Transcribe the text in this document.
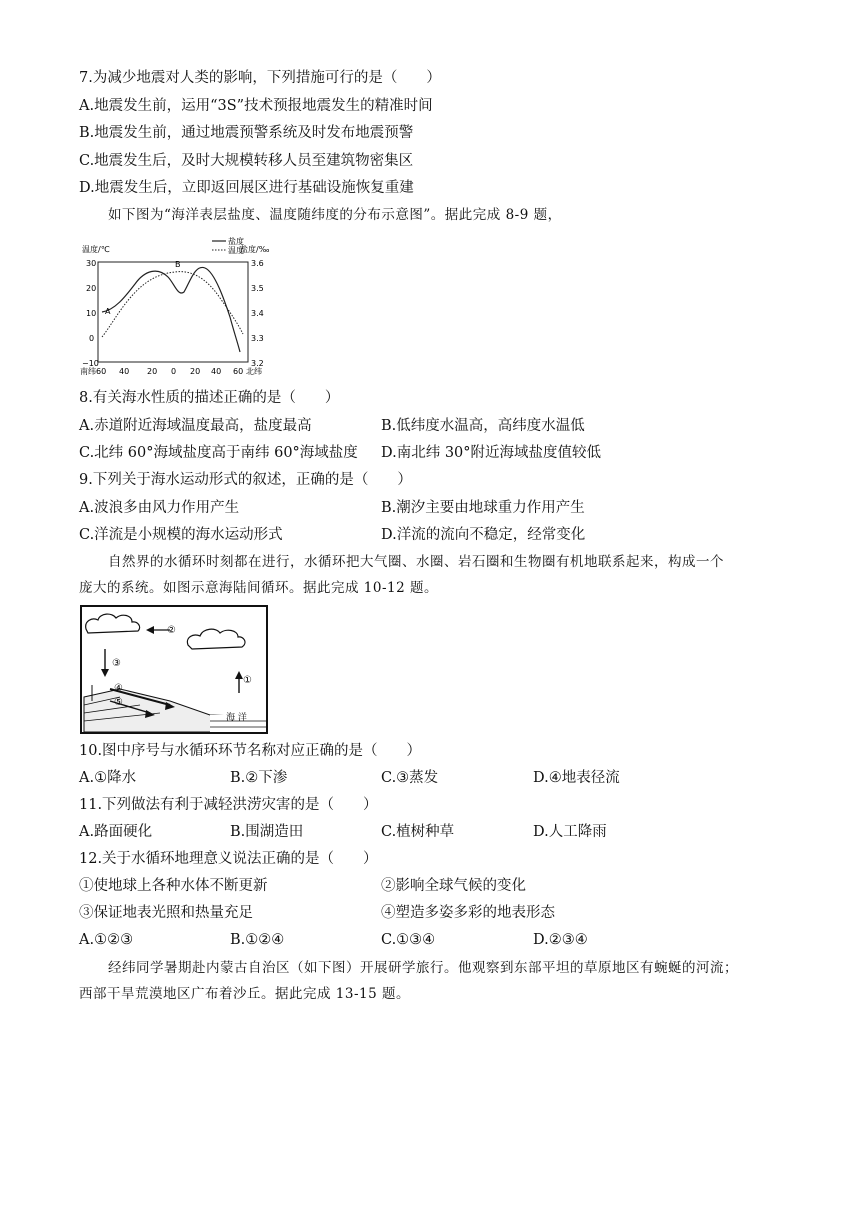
7.为减少地震对人类的影响，下列措施可行的是（　　）
A.地震发生前，运用“3S”技术预报地震发生的精准时间
B.地震发生前，通过地震预警系统及时发布地震预警
C.地震发生后，及时大规模转移人员至建筑物密集区
D.地震发生后，立即返回展区进行基础设施恢复重建
如下图为“海洋表层盐度、温度随纬度的分布示意图”。据此完成 8-9 题，
温度/℃	盐度/‰
盐度
温度
30
20
10
0
−10
3.6
3.5
3.4
3.3
3.2
南纬60 40 20 0 20 40 60 北纬
A
B
8.有关海水性质的描述正确的是（　　）
A.赤道附近海域温度最高，盐度最高	B.低纬度水温高，高纬度水温低
C.北纬 60°海域盐度高于南纬 60°海域盐度 D.南北纬 30°附近海域盐度值较低
9.下列关于海水运动形式的叙述，正确的是（　　）
A.波浪多由风力作用产生	B.潮汐主要由地球重力作用产生
C.洋流是小规模的海水运动形式	D.洋流的流向不稳定，经常变化
自然界的水循环时刻都在进行，水循环把大气圈、水圈、岩石圈和生物圈有机地联系起来，构成一个
庞大的系统。如图示意海陆间循环。据此完成 10-12 题。
②
③
①
④
⑤
海 洋
10.图中序号与水循环环节名称对应正确的是（　　）
A.①降水	B.②下渗	C.③蒸发	D.④地表径流
11.下列做法有利于减轻洪涝灾害的是（　　）
A.路面硬化	B.围湖造田	C.植树种草	D.人工降雨
12.关于水循环地理意义说法正确的是（　　）
①使地球上各种水体不断更新	②影响全球气候的变化
③保证地表光照和热量充足	④塑造多姿多彩的地表形态
A.①②③	B.①②④	C.①③④	D.②③④
经纬同学暑期赴内蒙古自治区（如下图）开展研学旅行。他观察到东部平坦的草原地区有蜿蜒的河流；
西部干旱荒漠地区广布着沙丘。据此完成 13-15 题。
